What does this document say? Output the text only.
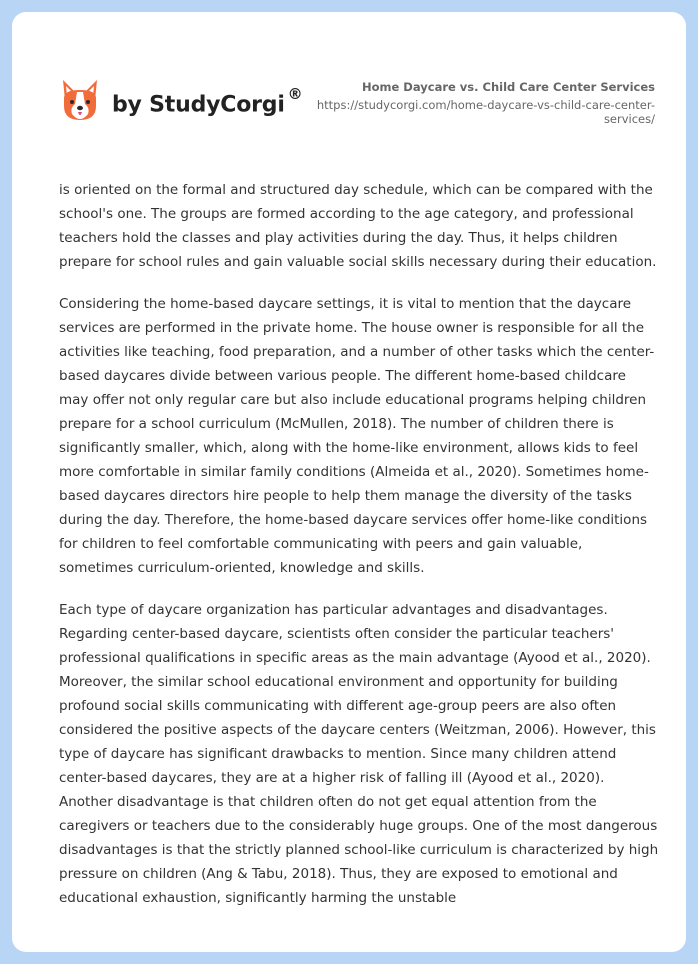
by StudyCorgi ®	Home Daycare vs. Child Care Center Services
https://studycorgi.com/home-daycare-vs-child-care-center-services/

is oriented on the formal and structured day schedule, which can be compared with the school's one. The groups are formed according to the age category, and professional teachers hold the classes and play activities during the day. Thus, it helps children prepare for school rules and gain valuable social skills necessary during their education.

Considering the home-based daycare settings, it is vital to mention that the daycare services are performed in the private home. The house owner is responsible for all the activities like teaching, food preparation, and a number of other tasks which the center-based daycares divide between various people. The different home-based childcare may offer not only regular care but also include educational programs helping children prepare for a school curriculum (McMullen, 2018). The number of children there is significantly smaller, which, along with the home-like environment, allows kids to feel more comfortable in similar family conditions (Almeida et al., 2020). Sometimes home-based daycares directors hire people to help them manage the diversity of the tasks during the day. Therefore, the home-based daycare services offer home-like conditions for children to feel comfortable communicating with peers and gain valuable, sometimes curriculum-oriented, knowledge and skills.

Each type of daycare organization has particular advantages and disadvantages. Regarding center-based daycare, scientists often consider the particular teachers' professional qualifications in specific areas as the main advantage (Ayood et al., 2020). Moreover, the similar school educational environment and opportunity for building profound social skills communicating with different age-group peers are also often considered the positive aspects of the daycare centers (Weitzman, 2006). However, this type of daycare has significant drawbacks to mention. Since many children attend center-based daycares, they are at a higher risk of falling ill (Ayood et al., 2020). Another disadvantage is that children often do not get equal attention from the caregivers or teachers due to the considerably huge groups. One of the most dangerous disadvantages is that the strictly planned school-like curriculum is characterized by high pressure on children (Ang & Tabu, 2018). Thus, they are exposed to emotional and educational exhaustion, significantly harming the unstable
